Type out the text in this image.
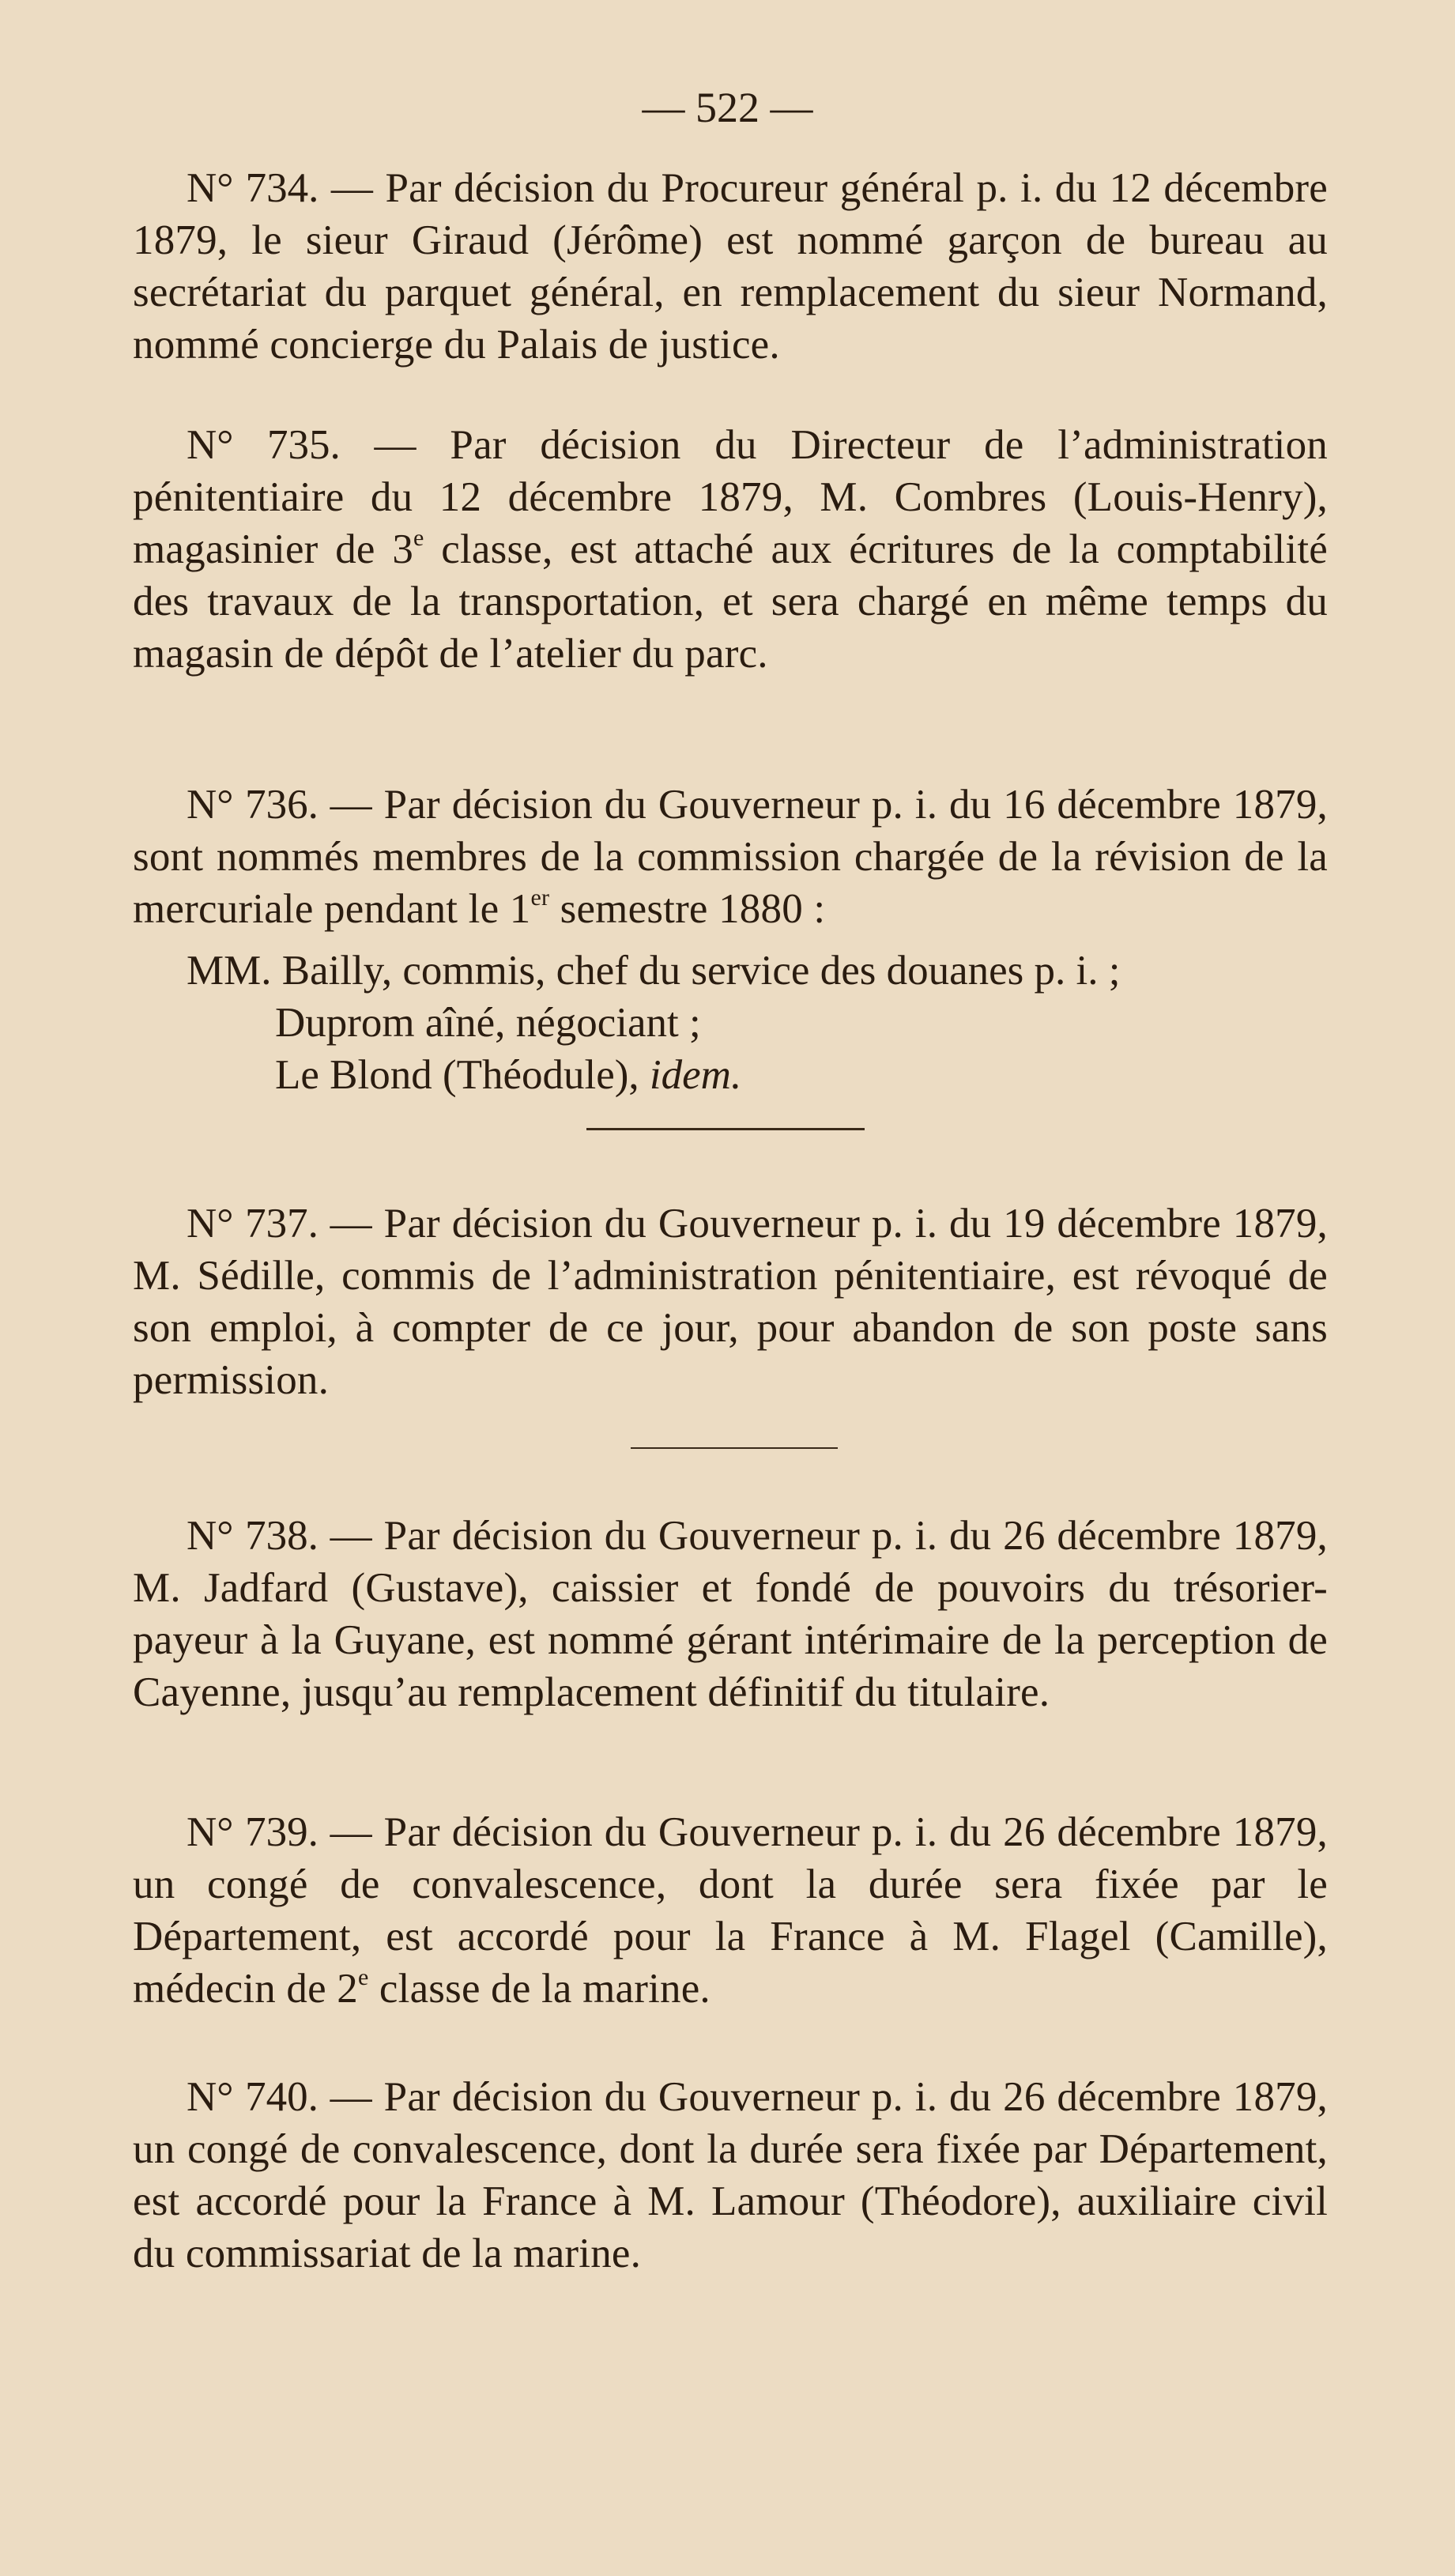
— 522 —
N° 734. — Par décision du Procureur général p. i. du 12 décembre 1879, le sieur Giraud (Jérôme) est nommé garçon de bureau au secrétariat du parquet général, en remplacement du sieur Normand, nommé concierge du Palais de justice.
N° 735. — Par décision du Directeur de l’administration pénitentiaire du 12 décembre 1879, M. Combres (Louis-Henry), magasinier de 3e classe, est attaché aux écritures de la comptabilité des travaux de la transportation, et sera chargé en même temps du magasin de dépôt de l’atelier du parc.
N° 736. — Par décision du Gouverneur p. i. du 16 décembre 1879, sont nommés membres de la commission chargée de la révision de la mercuriale pendant le 1er semestre 1880 :
MM. Bailly, commis, chef du service des douanes p. i. ;
Duprom aîné, négociant ;
Le Blond (Théodule), idem.
N° 737. — Par décision du Gouverneur p. i. du 19 décembre 1879, M. Sédille, commis de l’administration pénitentiaire, est révoqué de son emploi, à compter de ce jour, pour abandon de son poste sans permission.
N° 738. — Par décision du Gouverneur p. i. du 26 décembre 1879, M. Jadfard (Gustave), caissier et fondé de pouvoirs du trésorier-payeur à la Guyane, est nommé gérant intérimaire de la perception de Cayenne, jusqu’au remplacement définitif du titulaire.
N° 739. — Par décision du Gouverneur p. i. du 26 décembre 1879, un congé de convalescence, dont la durée sera fixée par le Département, est accordé pour la France à M. Flagel (Camille), médecin de 2e classe de la marine.
N° 740. — Par décision du Gouverneur p. i. du 26 décembre 1879, un congé de convalescence, dont la durée sera fixée par Département, est accordé pour la France à M. Lamour (Théodore), auxiliaire civil du commissariat de la marine.
